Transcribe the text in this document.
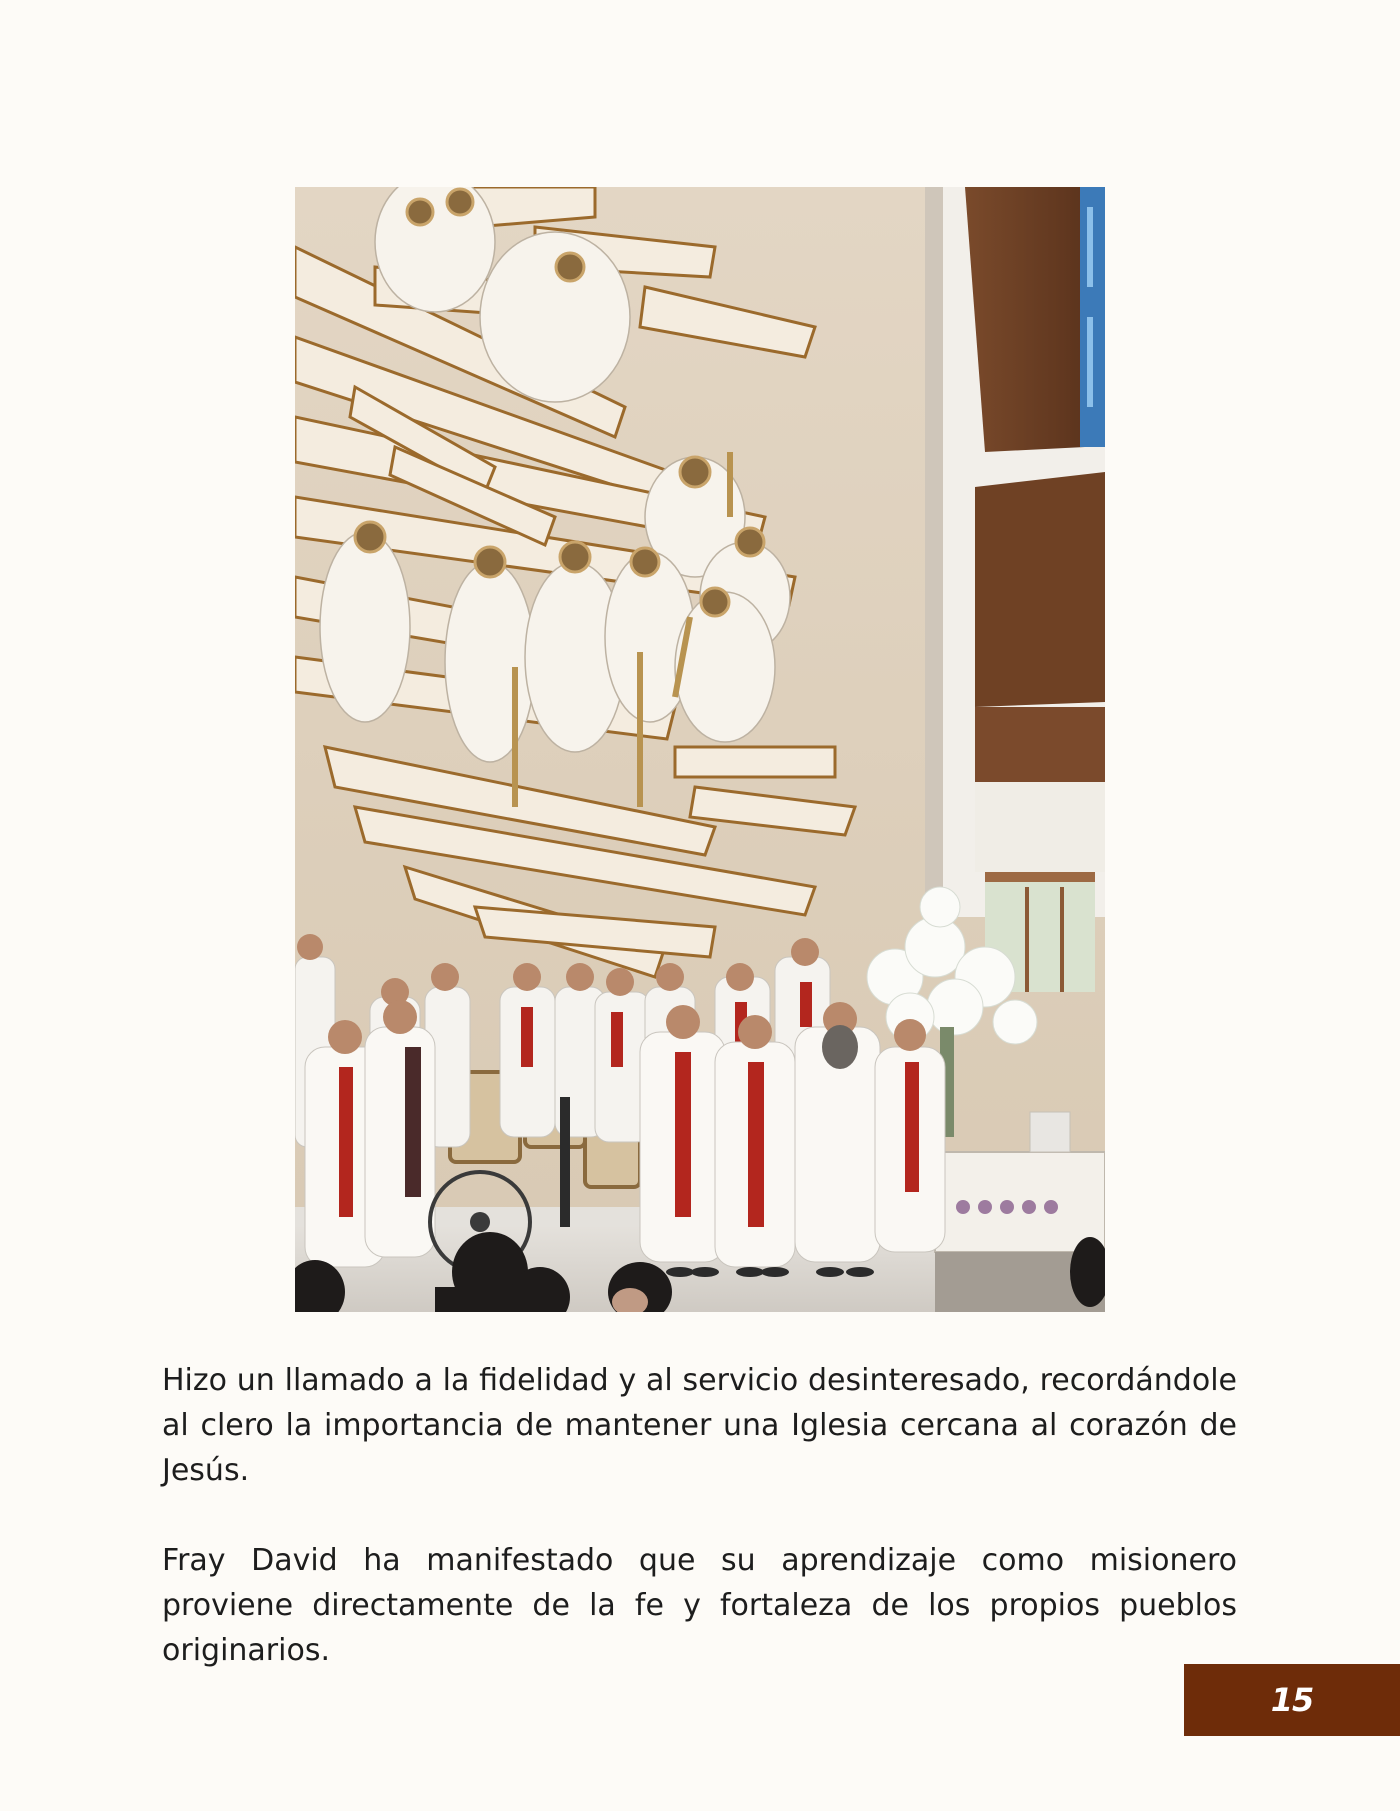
Hizo un llamado a la fidelidad y al servicio desinteresado, recordándole al clero la importancia de mantener una Iglesia cercana al corazón de Jesús.

Fray David ha manifestado que su aprendizaje como misionero proviene directamente de la fe y fortaleza de los propios pueblos originarios.

15
